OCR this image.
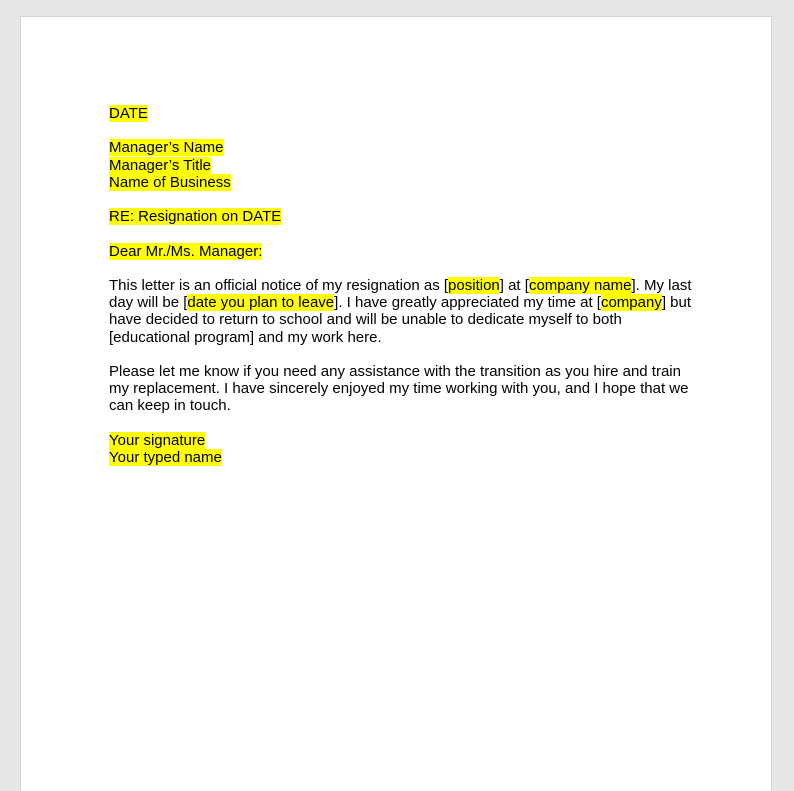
DATE
Manager’s Name
Manager’s Title
Name of Business
RE: Resignation on DATE
Dear Mr./Ms. Manager:

This letter is an official notice of my resignation as [position] at [company name]. My last day will be [date you plan to leave]. I have greatly appreciated my time at [company] but have decided to return to school and will be unable to dedicate myself to both [educational program] and my work here.

Please let me know if you need any assistance with the transition as you hire and train my replacement. I have sincerely enjoyed my time working with you, and I hope that we can keep in touch.

Your signature
Your typed name
